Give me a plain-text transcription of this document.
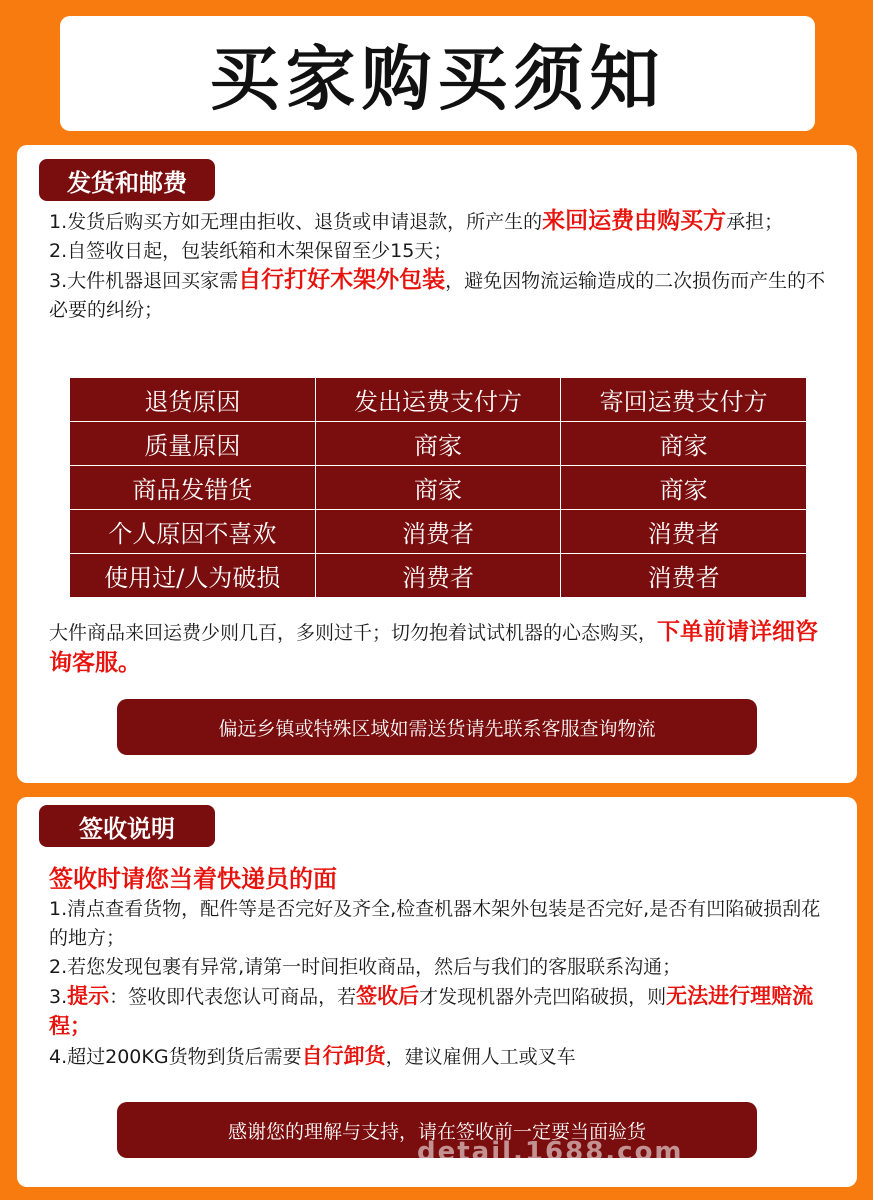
买家购买须知
发货和邮费

1.发货后购买方如无理由拒收、退货或申请退款，所产生的来回运费由购买方承担；

2.自签收日起，包装纸箱和木架保留至少15天；

3.大件机器退回买家需自行打好木架外包装，避免因物流运输造成的二次损伤而产生的不必要的纠纷；

退货原因	发出运费支付方	寄回运费支付方
质量原因	商家	商家
商品发错货	商家	商家
个人原因不喜欢	消费者	消费者
使用过/人为破损	消费者	消费者

大件商品来回运费少则几百，多则过千；切勿抱着试试机器的心态购买，下单前请详细咨询客服。

偏远乡镇或特殊区域如需送货请先联系客服查询物流
签收说明
签收时请您当着快递员的面

1.清点查看货物，配件等是否完好及齐全,检查机器木架外包装是否完好,是否有凹陷破损刮花的地方；

2.若您发现包裹有异常,请第一时间拒收商品，然后与我们的客服联系沟通；

3.提示：签收即代表您认可商品，若签收后才发现机器外壳凹陷破损，则无法进行理赔流程；

4.超过200KG货物到货后需要自行卸货，建议雇佣人工或叉车

感谢您的理解与支持，请在签收前一定要当面验货
detail.1688.com
